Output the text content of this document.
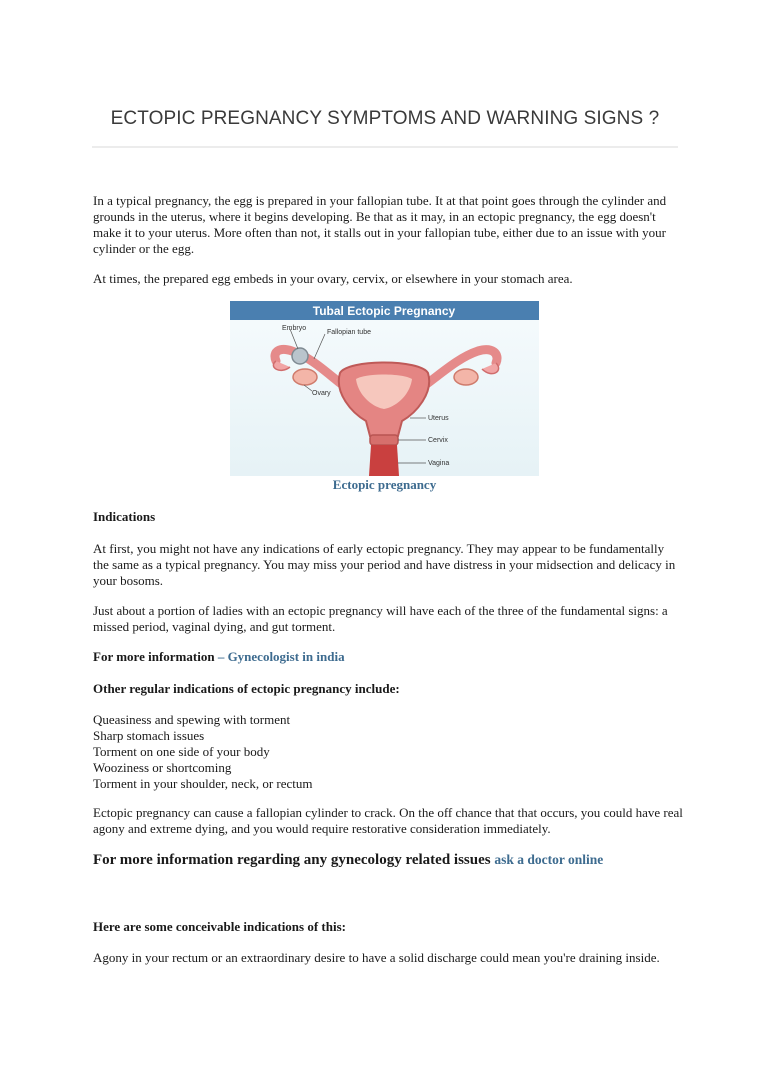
ECTOPIC PREGNANCY SYMPTOMS AND WARNING SIGNS ?

In a typical pregnancy, the egg is prepared in your fallopian tube. It at that point goes through the cylinder and grounds in the uterus, where it begins developing. Be that as it may, in an ectopic pregnancy, the egg doesn't make it to your uterus. More often than not, it stalls out in your fallopian tube, either due to an issue with your cylinder or the egg.

At times, the prepared egg embeds in your ovary, cervix, or elsewhere in your stomach area.

Tubal Ectopic Pregnancy
Embryo
Fallopian tube
Ovary
Uterus
Cervix
Vagina
Ectopic pregnancy

Indications

At first, you might not have any indications of early ectopic pregnancy. They may appear to be fundamentally the same as a typical pregnancy. You may miss your period and have distress in your midsection and delicacy in your bosoms.

Just about a portion of ladies with an ectopic pregnancy will have each of the three of the fundamental signs: a missed period, vaginal dying, and gut torment.

For more information – Gynecologist in india

Other regular indications of ectopic pregnancy include:

Queasiness and spewing with torment
Sharp stomach issues
Torment on one side of your body
Wooziness or shortcoming
Torment in your shoulder, neck, or rectum

Ectopic pregnancy can cause a fallopian cylinder to crack. On the off chance that that occurs, you could have real agony and extreme dying, and you would require restorative consideration immediately.

For more information regarding any gynecology related issues ask a doctor online

Here are some conceivable indications of this:

Agony in your rectum or an extraordinary desire to have a solid discharge could mean you're draining inside.
